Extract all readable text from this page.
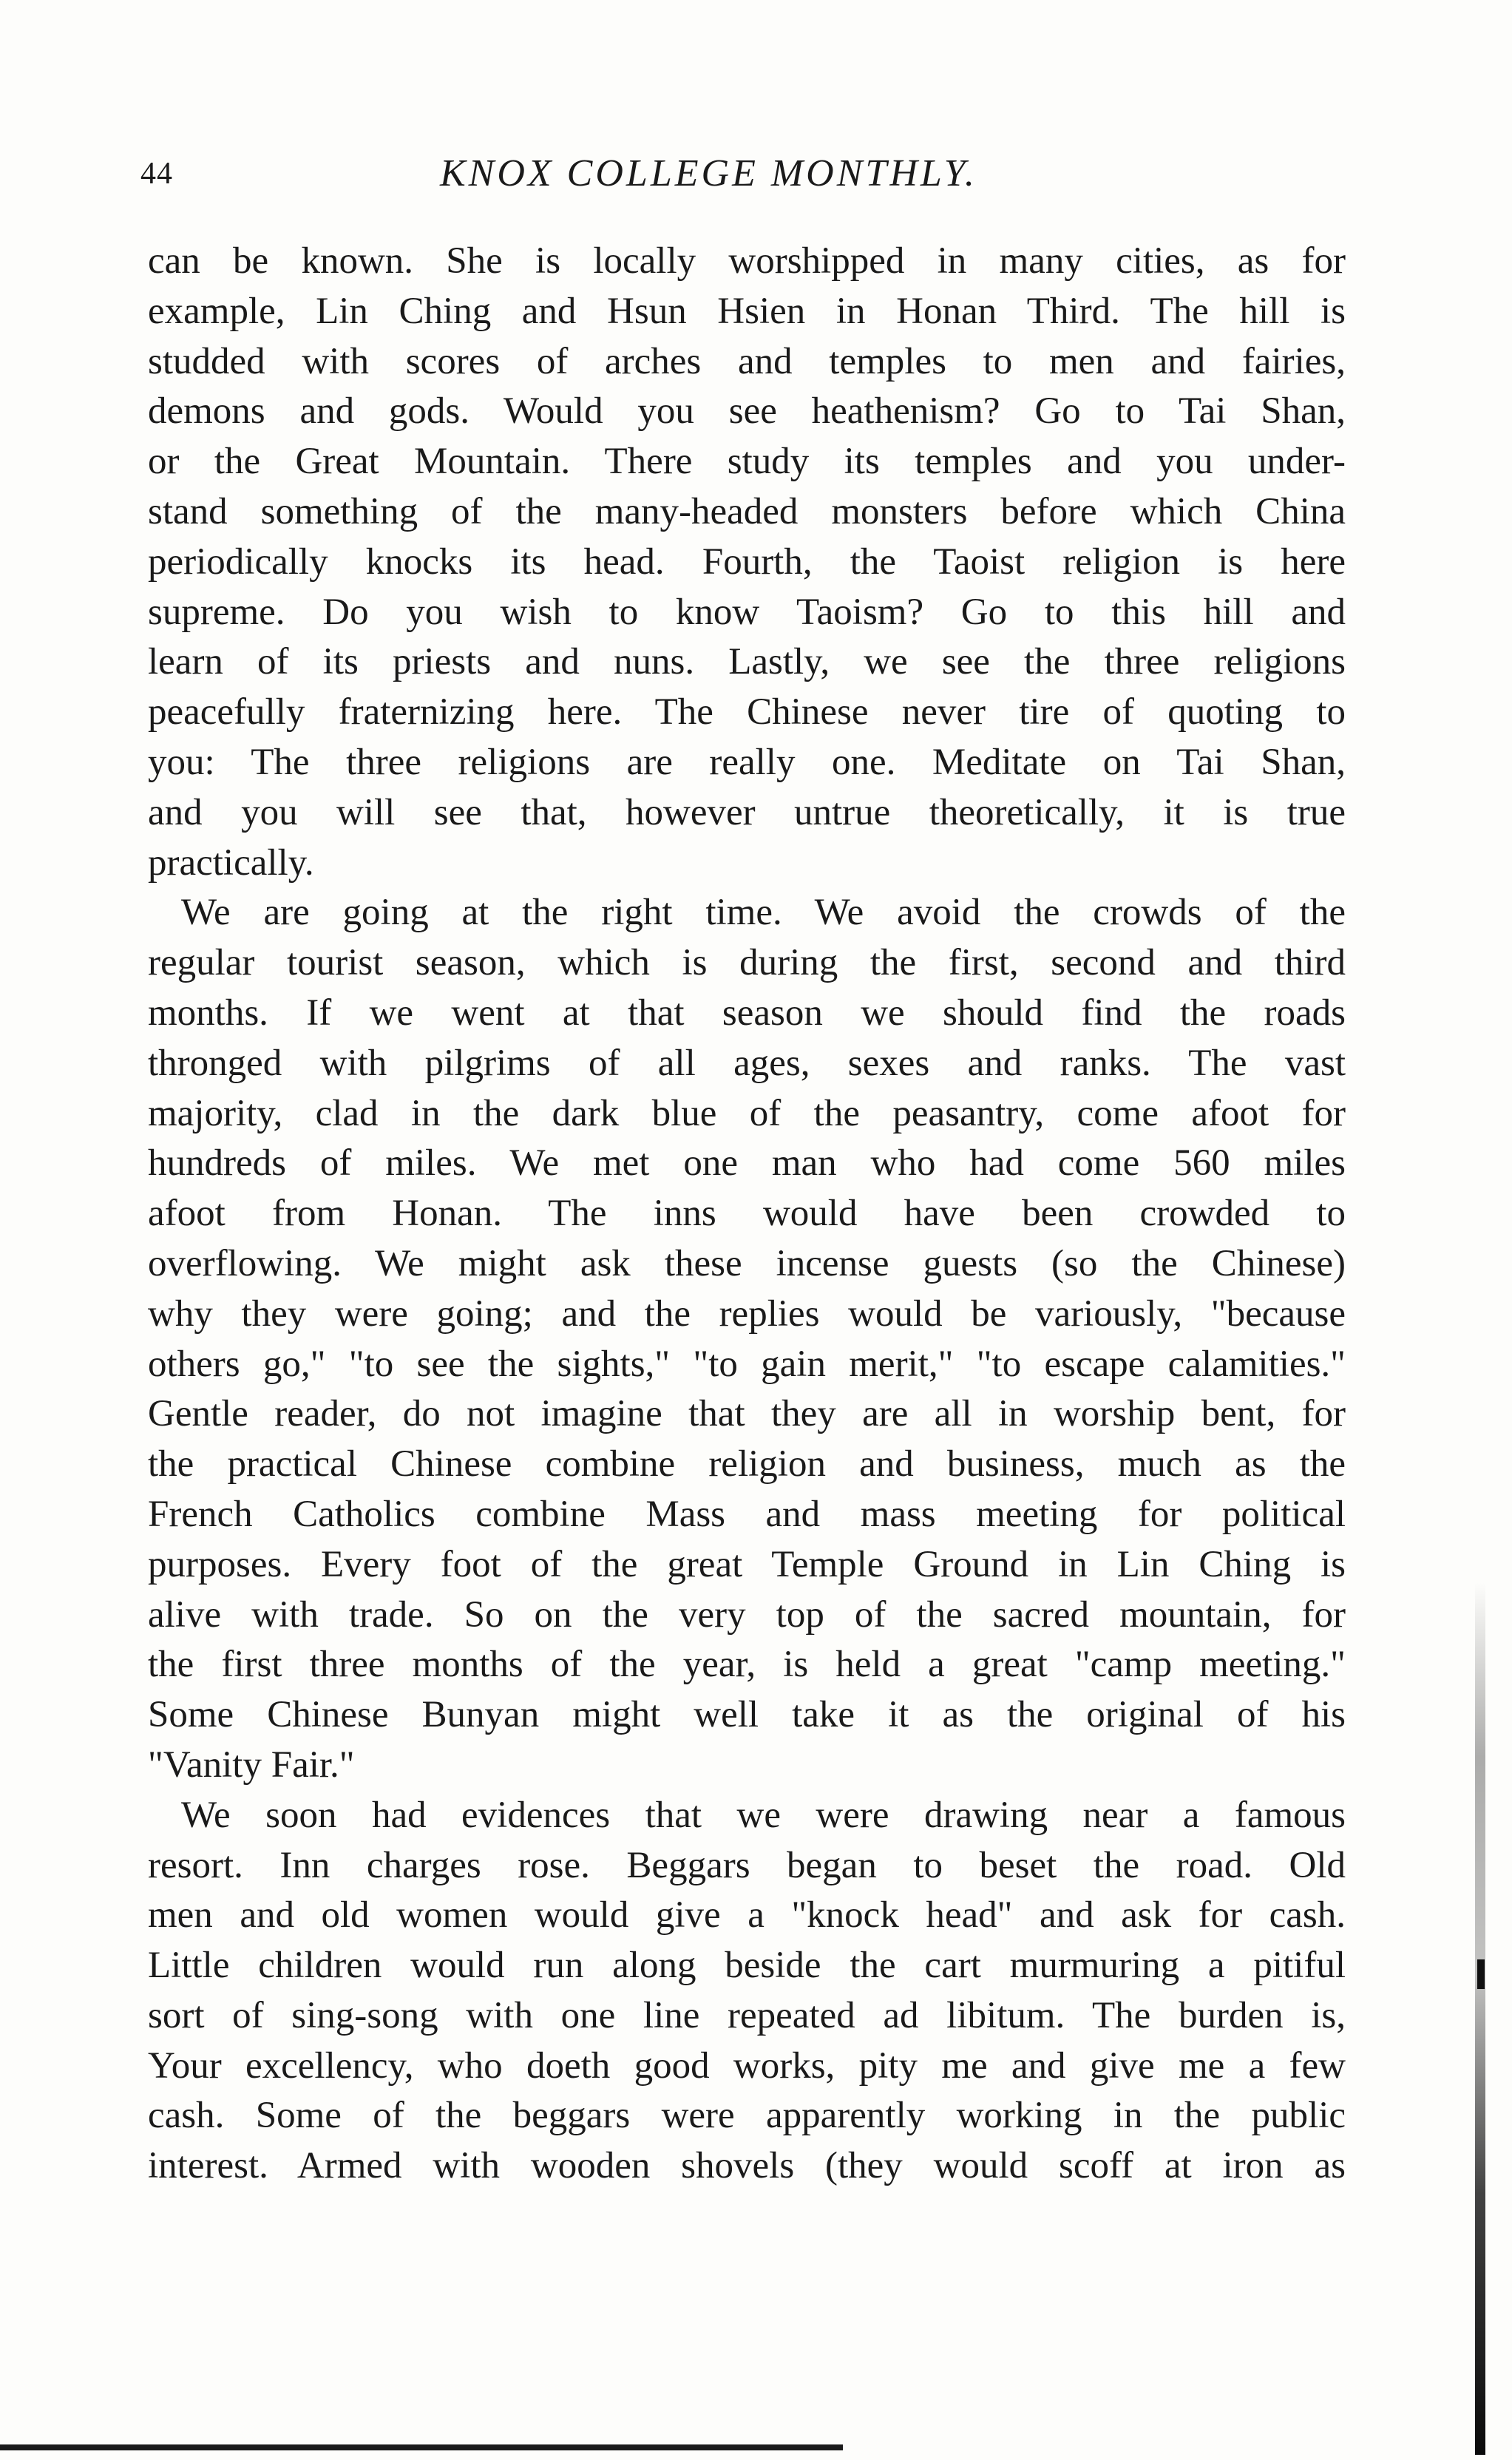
44	KNOX COLLEGE MONTHLY.
can be known. She is locally worshipped in many cities, as for
example, Lin Ching and Hsun Hsien in Honan Third. The hill is
studded with scores of arches and temples to men and fairies,
demons and gods. Would you see heathenism? Go to Tai Shan,
or the Great Mountain. There study its temples and you under-
stand something of the many-headed monsters before which China
periodically knocks its head. Fourth, the Taoist religion is here
supreme. Do you wish to know Taoism? Go to this hill and
learn of its priests and nuns. Lastly, we see the three religions
peacefully fraternizing here. The Chinese never tire of quoting to
you: The three religions are really one. Meditate on Tai Shan,
and you will see that, however untrue theoretically, it is true
practically.
We are going at the right time. We avoid the crowds of the
regular tourist season, which is during the first, second and third
months. If we went at that season we should find the roads
thronged with pilgrims of all ages, sexes and ranks. The vast
majority, clad in the dark blue of the peasantry, come afoot for
hundreds of miles. We met one man who had come 560 miles
afoot from Honan. The inns would have been crowded to
overflowing. We might ask these incense guests (so the Chinese)
why they were going; and the replies would be variously, "because
others go," "to see the sights," "to gain merit," "to escape calamities."
Gentle reader, do not imagine that they are all in worship bent, for
the practical Chinese combine religion and business, much as the
French Catholics combine Mass and mass meeting for political
purposes. Every foot of the great Temple Ground in Lin Ching is
alive with trade. So on the very top of the sacred mountain, for
the first three months of the year, is held a great "camp meeting."
Some Chinese Bunyan might well take it as the original of his
"Vanity Fair."
We soon had evidences that we were drawing near a famous
resort. Inn charges rose. Beggars began to beset the road. Old
men and old women would give a "knock head" and ask for cash.
Little children would run along beside the cart murmuring a pitiful
sort of sing-song with one line repeated ad libitum. The burden is,
Your excellency, who doeth good works, pity me and give me a few
cash. Some of the beggars were apparently working in the public
interest. Armed with wooden shovels (they would scoff at iron as
